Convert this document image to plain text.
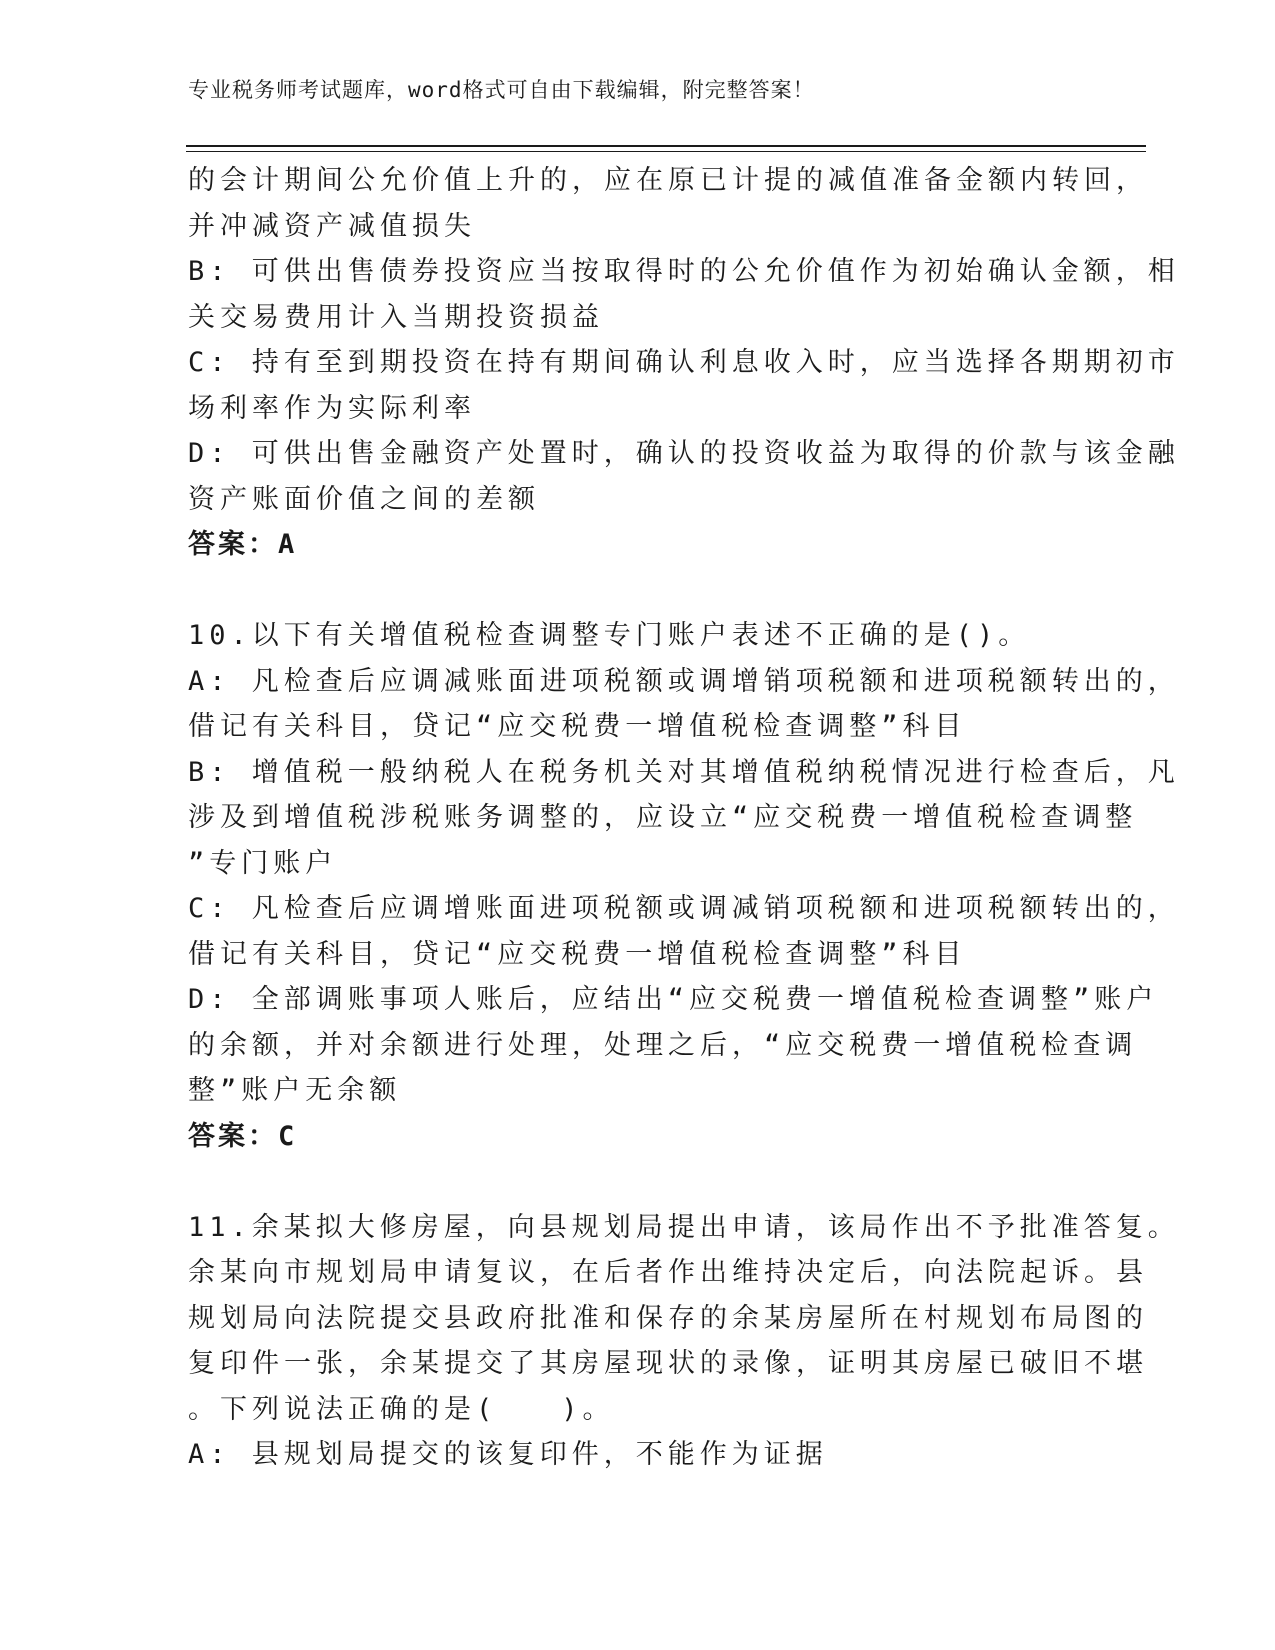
专业税务师考试题库，word格式可自由下载编辑，附完整答案！
的会计期间公允价值上升的，应在原已计提的减值准备金额内转回，
并冲减资产减值损失
B: 可供出售债券投资应当按取得时的公允价值作为初始确认金额，相
关交易费用计入当期投资损益
C: 持有至到期投资在持有期间确认利息收入时，应当选择各期期初市
场利率作为实际利率
D: 可供出售金融资产处置时，确认的投资收益为取得的价款与该金融
资产账面价值之间的差额
答案：A
10.以下有关增值税检查调整专门账户表述不正确的是()。
A: 凡检查后应调减账面进项税额或调增销项税额和进项税额转出的，
借记有关科目，贷记“应交税费一增值税检查调整”科目
B: 增值税一般纳税人在税务机关对其增值税纳税情况进行检查后，凡
涉及到增值税涉税账务调整的，应设立“应交税费一增值税检查调整
”专门账户
C: 凡检查后应调增账面进项税额或调减销项税额和进项税额转出的，
借记有关科目，贷记“应交税费一增值税检查调整”科目
D: 全部调账事项人账后，应结出“应交税费一增值税检查调整”账户
的余额，并对余额进行处理，处理之后，“应交税费一增值税检查调
整”账户无余额
答案：C
11.余某拟大修房屋，向县规划局提出申请，该局作出不予批准答复。
余某向市规划局申请复议，在后者作出维持决定后，向法院起诉。县
规划局向法院提交县政府批准和保存的余某房屋所在村规划布局图的
复印件一张，余某提交了其房屋现状的录像，证明其房屋已破旧不堪
。下列说法正确的是(　　)。
A: 县规划局提交的该复印件，不能作为证据
